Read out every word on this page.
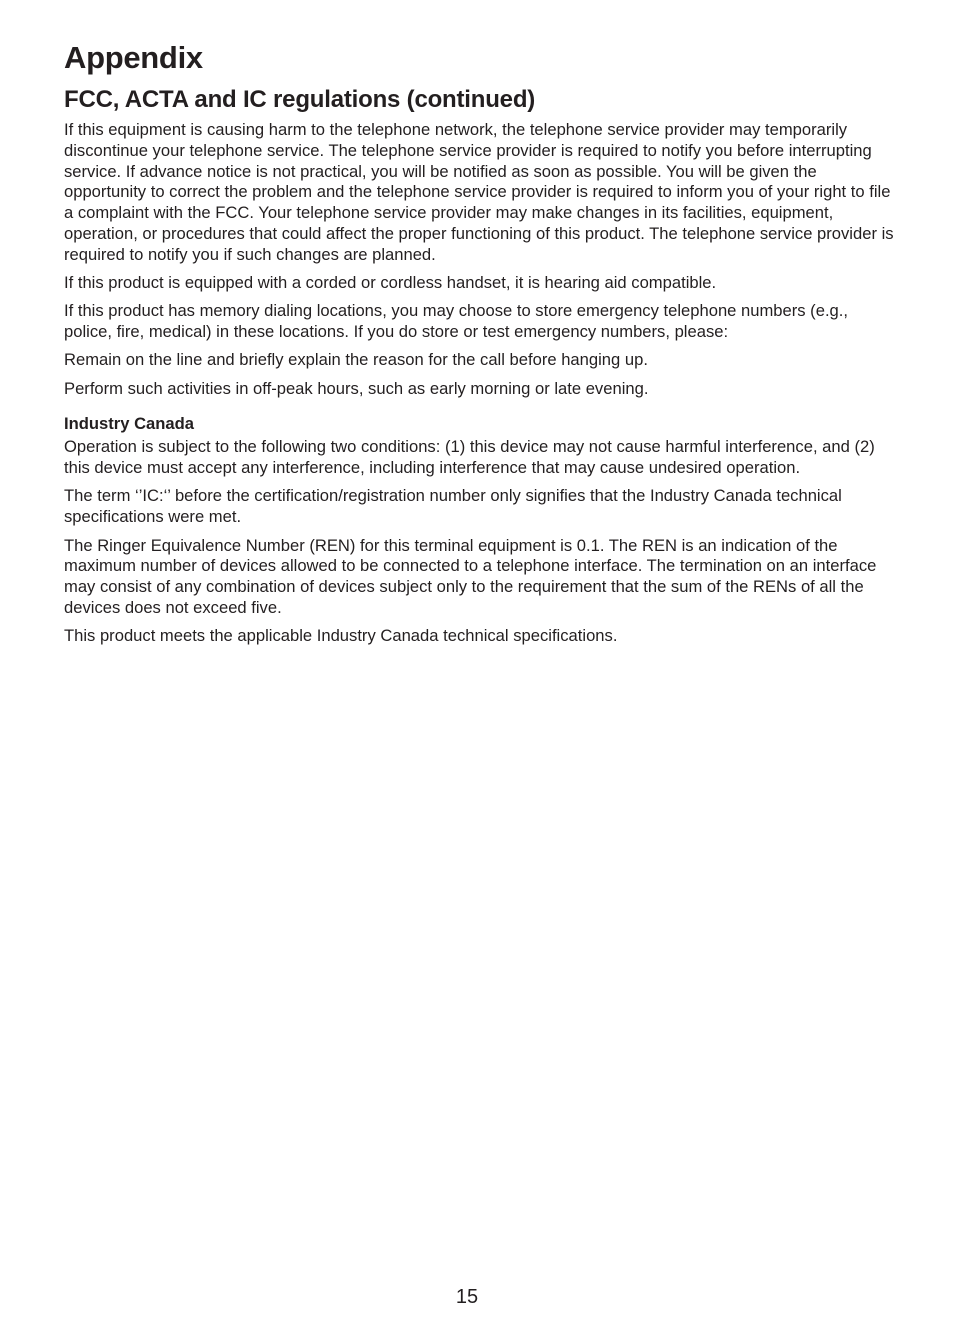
Appendix
FCC, ACTA and IC regulations (continued)

If this equipment is causing harm to the telephone network, the telephone service provider may temporarily discontinue your telephone service. The telephone service provider is required to notify you before interrupting service. If advance notice is not practical, you will be notified as soon as possible. You will be given the opportunity to correct the problem and the telephone service provider is required to inform you of your right to file a complaint with the FCC. Your telephone service provider may make changes in its facilities, equipment, operation, or procedures that could affect the proper functioning of this product. The telephone service provider is required to notify you if such changes are planned.

If this product is equipped with a corded or cordless handset, it is hearing aid compatible.

If this product has memory dialing locations, you may choose to store emergency telephone numbers (e.g., police, fire, medical) in these locations. If you do store or test emergency numbers, please:

Remain on the line and briefly explain the reason for the call before hanging up.

Perform such activities in off-peak hours, such as early morning or late evening.

Industry Canada

Operation is subject to the following two conditions: (1) this device may not cause harmful interference, and (2) this device must accept any interference, including interference that may cause undesired operation.

The term ‘’IC:‘’ before the certification/registration number only signifies that the Industry Canada technical specifications were met.

The Ringer Equivalence Number (REN) for this terminal equipment is 0.1. The REN is an indication of the maximum number of devices allowed to be connected to a telephone interface. The termination on an interface may consist of any combination of devices subject only to the requirement that the sum of the RENs of all the devices does not exceed five.

This product meets the applicable Industry Canada technical specifications.

15
